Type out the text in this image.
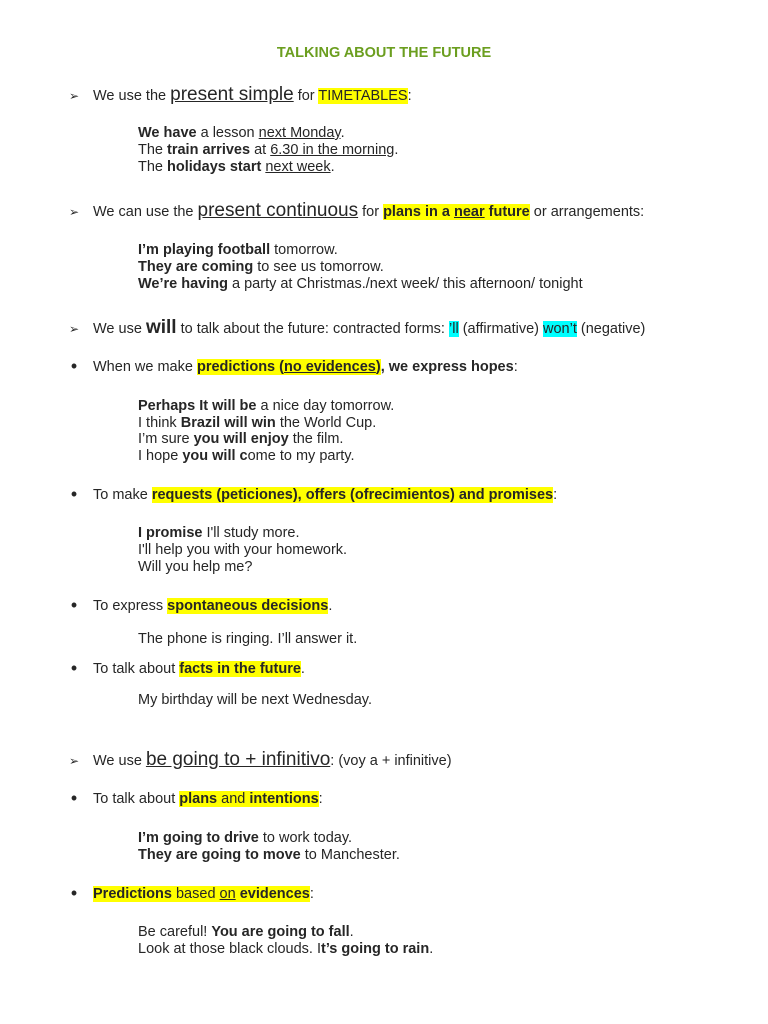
TALKING ABOUT THE FUTURE
➢ We use the present simple for TIMETABLES:
We have a lesson next Monday.
The train arrives at 6.30 in the morning.
The holidays start next week.
➢ We can use the present continuous for plans in a near future or arrangements:
I’m playing football tomorrow.
They are coming to see us tomorrow.
We’re having a party at Christmas./next week/ this afternoon/ tonight
➢ We use will to talk about the future: contracted forms: ’ll (affirmative) won’t (negative)
• When we make predictions (no evidences), we express hopes:
Perhaps It will be a nice day tomorrow.
I think Brazil will win the World Cup.
I’m sure you will enjoy the film.
I hope you will come to my party.
• To make requests (peticiones), offers (ofrecimientos) and promises:
I promise I'll study more.
I'll help you with your homework.
Will you help me?
• To express spontaneous decisions.
The phone is ringing. I’ll answer it.
• To talk about facts in the future.
My birthday will be next Wednesday.
➢ We use be going to + infinitivo: (voy a + infinitive)
• To talk about plans and intentions:
I’m going to drive to work today.
They are going to move to Manchester.
• Predictions based on evidences:
Be careful! You are going to fall.
Look at those black clouds. It’s going to rain.
